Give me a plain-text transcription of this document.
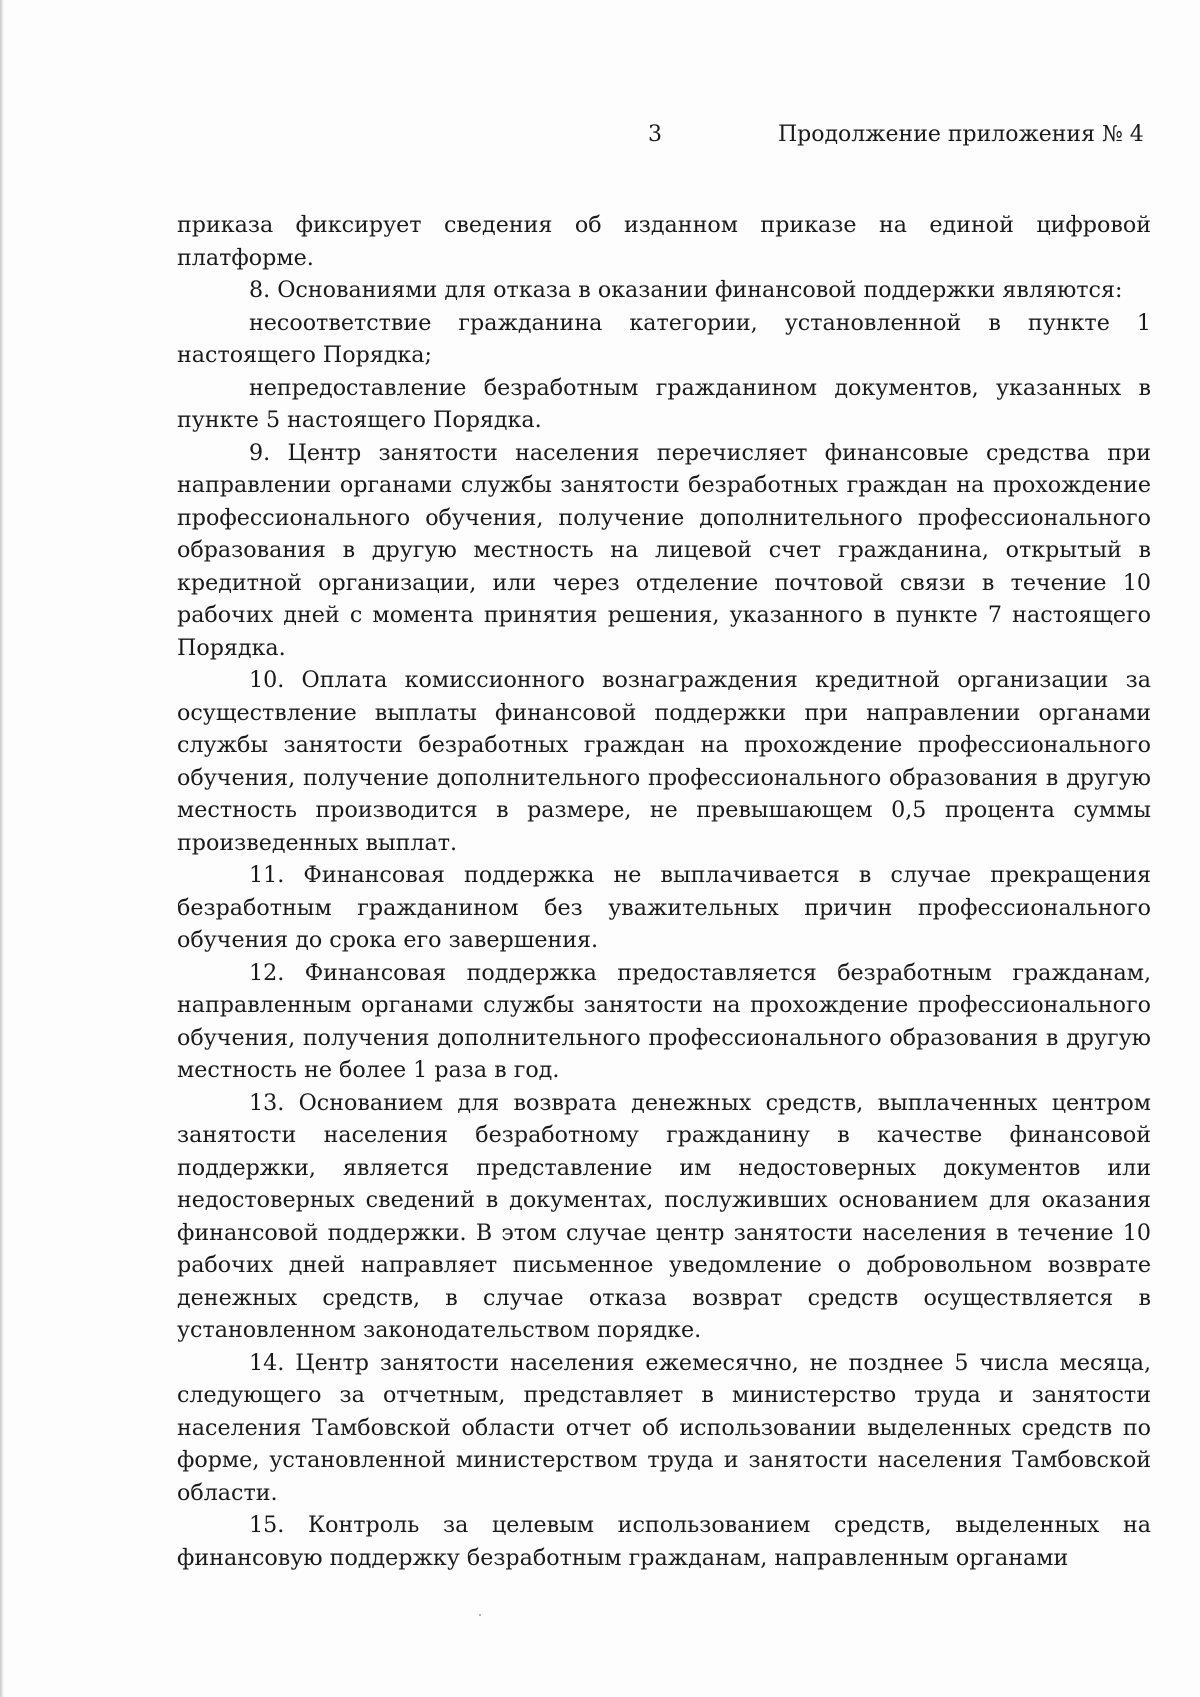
3	Продолжение приложения № 4

приказа фиксирует сведения об изданном приказе на единой цифровой платформе.

8. Основаниями для отказа в оказании финансовой поддержки являются:

несоответствие гражданина категории, установленной в пункте 1 настоящего Порядка;

непредоставление безработным гражданином документов, указанных в пункте 5 настоящего Порядка.

9. Центр занятости населения перечисляет финансовые средства при направлении органами службы занятости безработных граждан на прохождение профессионального обучения, получение дополнительного профессионального образования в другую местность на лицевой счет гражданина, открытый в кредитной организации, или через отделение почтовой связи в течение 10 рабочих дней с момента принятия решения, указанного в пункте 7 настоящего Порядка.

10. Оплата комиссионного вознаграждения кредитной организации за осуществление выплаты финансовой поддержки при направлении органами службы занятости безработных граждан на прохождение профессионального обучения, получение дополнительного профессионального образования в другую местность производится в размере, не превышающем 0,5 процента суммы произведенных выплат.

11. Финансовая поддержка не выплачивается в случае прекращения безработным гражданином без уважительных причин профессионального обучения до срока его завершения.

12. Финансовая поддержка предоставляется безработным гражданам, направленным органами службы занятости на прохождение профессионального обучения, получения дополнительного профессионального образования в другую местность не более 1 раза в год.

13. Основанием для возврата денежных средств, выплаченных центром занятости населения безработному гражданину в качестве финансовой поддержки, является представление им недостоверных документов или недостоверных сведений в документах, послуживших основанием для оказания финансовой поддержки. В этом случае центр занятости населения в течение 10 рабочих дней направляет письменное уведомление о добровольном возврате денежных средств, в случае отказа возврат средств осуществляется в установленном законодательством порядке.

14. Центр занятости населения ежемесячно, не позднее 5 числа месяца, следующего за отчетным, представляет в министерство труда и занятости населения Тамбовской области отчет об использовании выделенных средств по форме, установленной министерством труда и занятости населения Тамбовской области.

15. Контроль за целевым использованием средств, выделенных на финансовую поддержку безработным гражданам, направленным органами
